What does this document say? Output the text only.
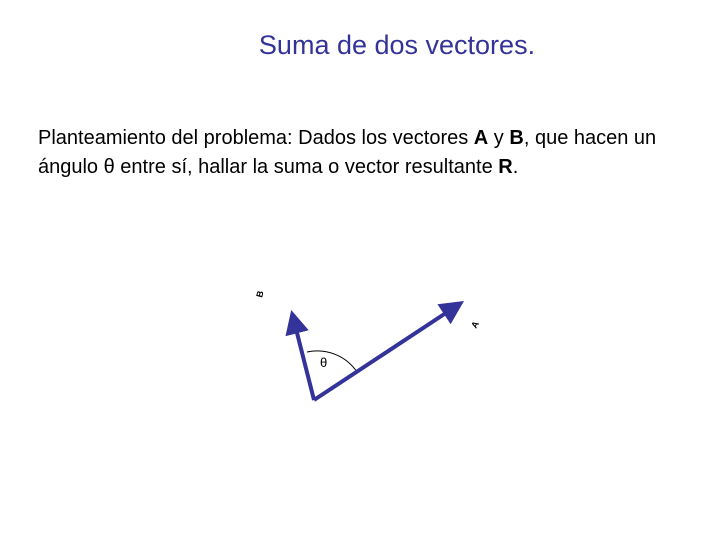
Suma de dos vectores.

Planteamiento del problema: Dados los vectores A y B, que hacen un ángulo θ entre sí, hallar la suma o vector resultante R.

θ
B
A
